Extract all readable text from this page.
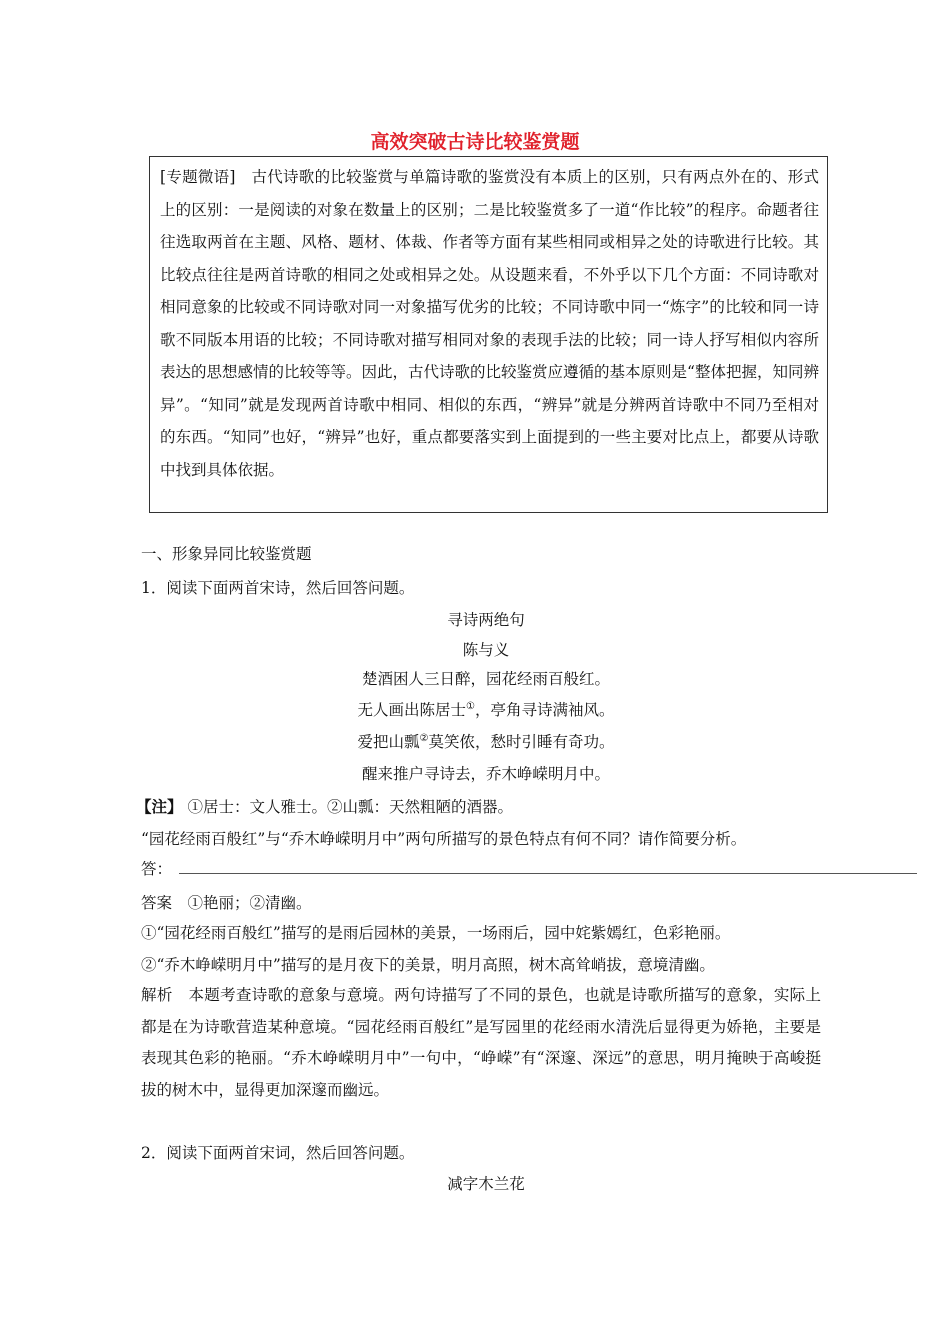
高效突破古诗比较鉴赏题

[专题微语]　 古代诗歌的比较鉴赏与单篇诗歌的鉴赏没有本质上的区别，只有两点外在的、形式上的区别：一是阅读的对象在数量上的区别；二是比较鉴赏多了一道“作比较”的程序。命题者往往选取两首在主题、风格、题材、体裁、作者等方面有某些相同或相异之处的诗歌进行比较。其比较点往往是两首诗歌的相同之处或相异之处。从设题来看，不外乎以下几个方面：不同诗歌对相同意象的比较或不同诗歌对同一对象描写优劣的比较；不同诗歌中同一“炼字”的比较和同一诗歌不同版本用语的比较；不同诗歌对描写相同对象的表现手法的比较；同一诗人抒写相似内容所表达的思想感情的比较等等。因此，古代诗歌的比较鉴赏应遵循的基本原则是“整体把握，知同辨异”。“知同”就是发现两首诗歌中相同、相似的东西，“辨异”就是分辨两首诗歌中不同乃至相对的东西。“知同”也好，“辨异”也好，重点都要落实到上面提到的一些主要对比点上，都要从诗歌中找到具体依据。

一、形象异同比较鉴赏题
1．阅读下面两首宋诗，然后回答问题。
寻诗两绝句
陈与义
楚酒困人三日醉，园花经雨百般红。
无人画出陈居士①，亭角寻诗满袖风。
爱把山瓢②莫笑侬，愁时引睡有奇功。
醒来推户寻诗去，乔木峥嵘明月中。
【注】 ①居士：文人雅士。②山瓢：天然粗陋的酒器。
“园花经雨百般红”与“乔木峥嵘明月中”两句所描写的景色特点有何不同？请作简要分析。
答：
答案　 ①艳丽；②清幽。
①“园花经雨百般红”描写的是雨后园林的美景，一场雨后，园中姹紫嫣红，色彩艳丽。
②“乔木峥嵘明月中”描写的是月夜下的美景，明月高照，树木高耸峭拔，意境清幽。

解析　 本题考查诗歌的意象与意境。两句诗描写了不同的景色，也就是诗歌所描写的意象，实际上都是在为诗歌营造某种意境。“园花经雨百般红”是写园里的花经雨水清洗后显得更为娇艳，主要是表现其色彩的艳丽。“乔木峥嵘明月中”一句中，“峥嵘”有“深邃、深远”的意思，明月掩映于高峻挺拔的树木中，显得更加深邃而幽远。

2．阅读下面两首宋词，然后回答问题。
减字木兰花
